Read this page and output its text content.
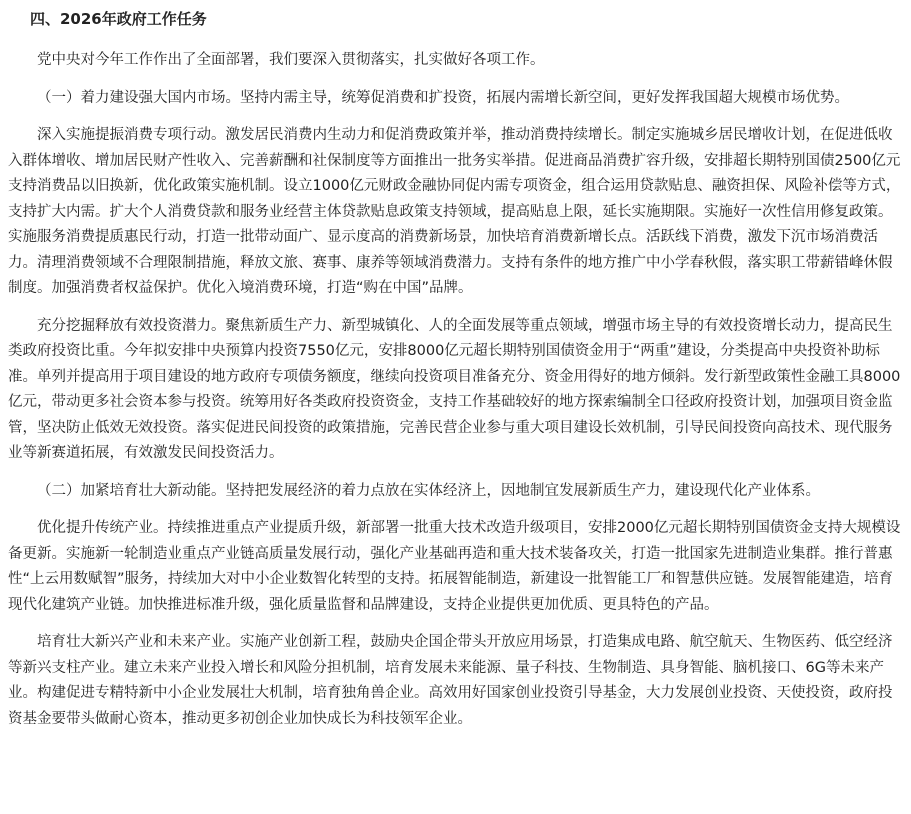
四、2026年政府工作任务

党中央对今年工作作出了全面部署，我们要深入贯彻落实，扎实做好各项工作。

（一）着力建设强大国内市场。坚持内需主导，统筹促消费和扩投资，拓展内需增长新空间，更好发挥我国超大规模市场优势。

深入实施提振消费专项行动。激发居民消费内生动力和促消费政策并举，推动消费持续增长。制定实施城乡居民增收计划，在促进低收入群体增收、增加居民财产性收入、完善薪酬和社保制度等方面推出一批务实举措。促进商品消费扩容升级，安排超长期特别国债2500亿元支持消费品以旧换新，优化政策实施机制。设立1000亿元财政金融协同促内需专项资金，组合运用贷款贴息、融资担保、风险补偿等方式，支持扩大内需。扩大个人消费贷款和服务业经营主体贷款贴息政策支持领域，提高贴息上限，延长实施期限。实施好一次性信用修复政策。实施服务消费提质惠民行动，打造一批带动面广、显示度高的消费新场景，加快培育消费新增长点。活跃线下消费，激发下沉市场消费活力。清理消费领域不合理限制措施，释放文旅、赛事、康养等领域消费潜力。支持有条件的地方推广中小学春秋假，落实职工带薪错峰休假制度。加强消费者权益保护。优化入境消费环境，打造“购在中国”品牌。

充分挖掘释放有效投资潜力。聚焦新质生产力、新型城镇化、人的全面发展等重点领域，增强市场主导的有效投资增长动力，提高民生类政府投资比重。今年拟安排中央预算内投资7550亿元，安排8000亿元超长期特别国债资金用于“两重”建设，分类提高中央投资补助标准。单列并提高用于项目建设的地方政府专项债务额度，继续向投资项目准备充分、资金用得好的地方倾斜。发行新型政策性金融工具8000亿元，带动更多社会资本参与投资。统筹用好各类政府投资资金，支持工作基础较好的地方探索编制全口径政府投资计划，加强项目资金监管，坚决防止低效无效投资。落实促进民间投资的政策措施，完善民营企业参与重大项目建设长效机制，引导民间投资向高技术、现代服务业等新赛道拓展，有效激发民间投资活力。

（二）加紧培育壮大新动能。坚持把发展经济的着力点放在实体经济上，因地制宜发展新质生产力，建设现代化产业体系。

优化提升传统产业。持续推进重点产业提质升级，新部署一批重大技术改造升级项目，安排2000亿元超长期特别国债资金支持大规模设备更新。实施新一轮制造业重点产业链高质量发展行动，强化产业基础再造和重大技术装备攻关，打造一批国家先进制造业集群。推行普惠性“上云用数赋智”服务，持续加大对中小企业数智化转型的支持。拓展智能制造，新建设一批智能工厂和智慧供应链。发展智能建造，培育现代化建筑产业链。加快推进标准升级，强化质量监督和品牌建设，支持企业提供更加优质、更具特色的产品。

培育壮大新兴产业和未来产业。实施产业创新工程，鼓励央企国企带头开放应用场景，打造集成电路、航空航天、生物医药、低空经济等新兴支柱产业。建立未来产业投入增长和风险分担机制，培育发展未来能源、量子科技、生物制造、具身智能、脑机接口、6G等未来产业。构建促进专精特新中小企业发展壮大机制，培育独角兽企业。高效用好国家创业投资引导基金，大力发展创业投资、天使投资，政府投资基金要带头做耐心资本，推动更多初创企业加快成长为科技领军企业。
